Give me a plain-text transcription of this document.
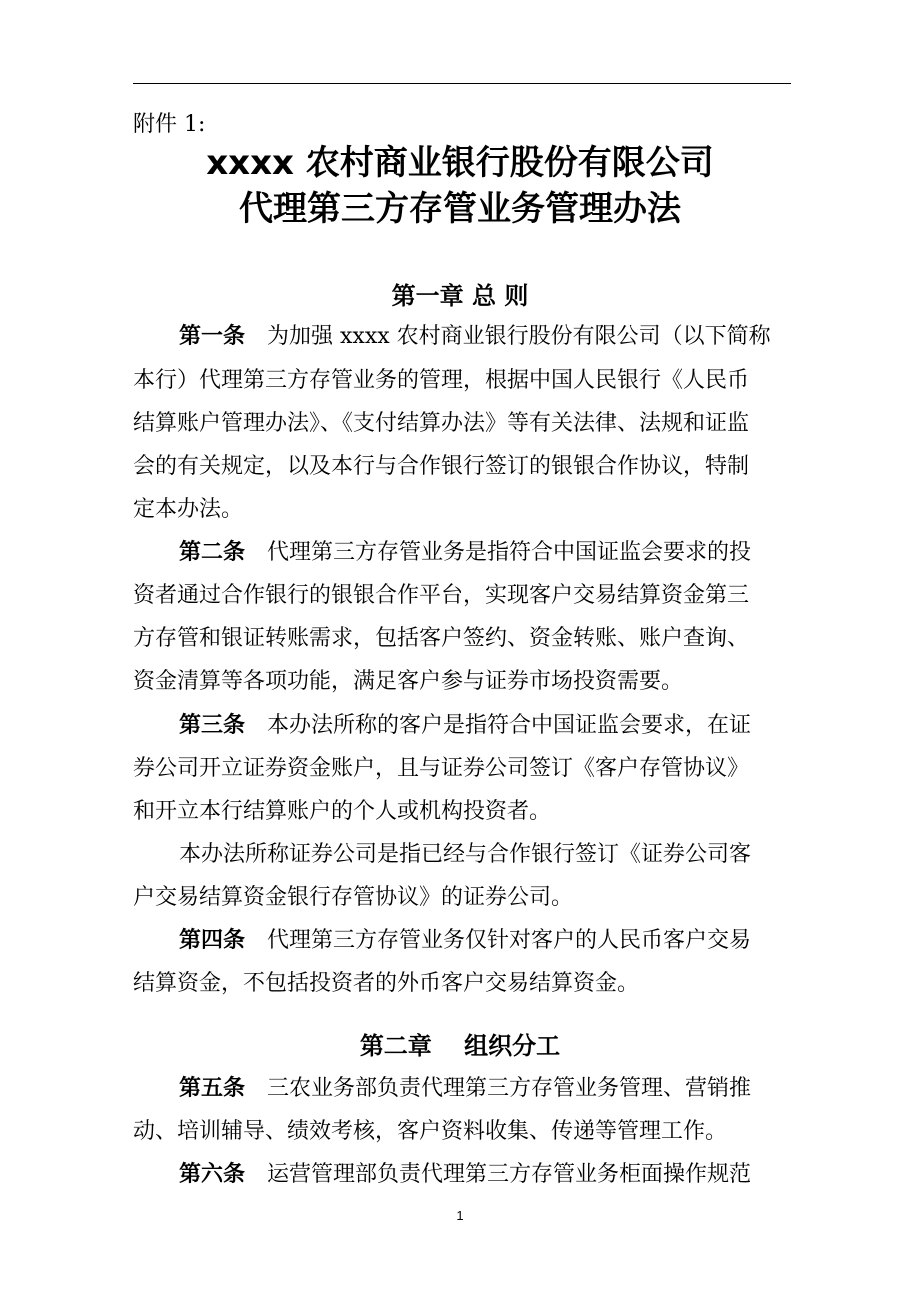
附件 1:
xxxx 农村商业银行股份有限公司
代理第三方存管业务管理办法
第一章 总 则
第一条 为加强 xxxx 农村商业银行股份有限公司（以下简称
本行）代理第三方存管业务的管理，根据中国人民银行《人民币
结算账户管理办法》、《支付结算办法》等有关法律、法规和证监
会的有关规定，以及本行与合作银行签订的银银合作协议，特制
定本办法。
第二条 代理第三方存管业务是指符合中国证监会要求的投
资者通过合作银行的银银合作平台，实现客户交易结算资金第三
方存管和银证转账需求，包括客户签约、资金转账、账户查询、
资金清算等各项功能，满足客户参与证券市场投资需要。
第三条 本办法所称的客户是指符合中国证监会要求，在证
券公司开立证券资金账户，且与证券公司签订《客户存管协议》
和开立本行结算账户的个人或机构投资者。
本办法所称证券公司是指已经与合作银行签订《证券公司客
户交易结算资金银行存管协议》的证券公司。
第四条 代理第三方存管业务仅针对客户的人民币客户交易
结算资金，不包括投资者的外币客户交易结算资金。
第二章　 组织分工
第五条 三农业务部负责代理第三方存管业务管理、营销推
动、培训辅导、绩效考核，客户资料收集、传递等管理工作。
第六条 运营管理部负责代理第三方存管业务柜面操作规范
1
